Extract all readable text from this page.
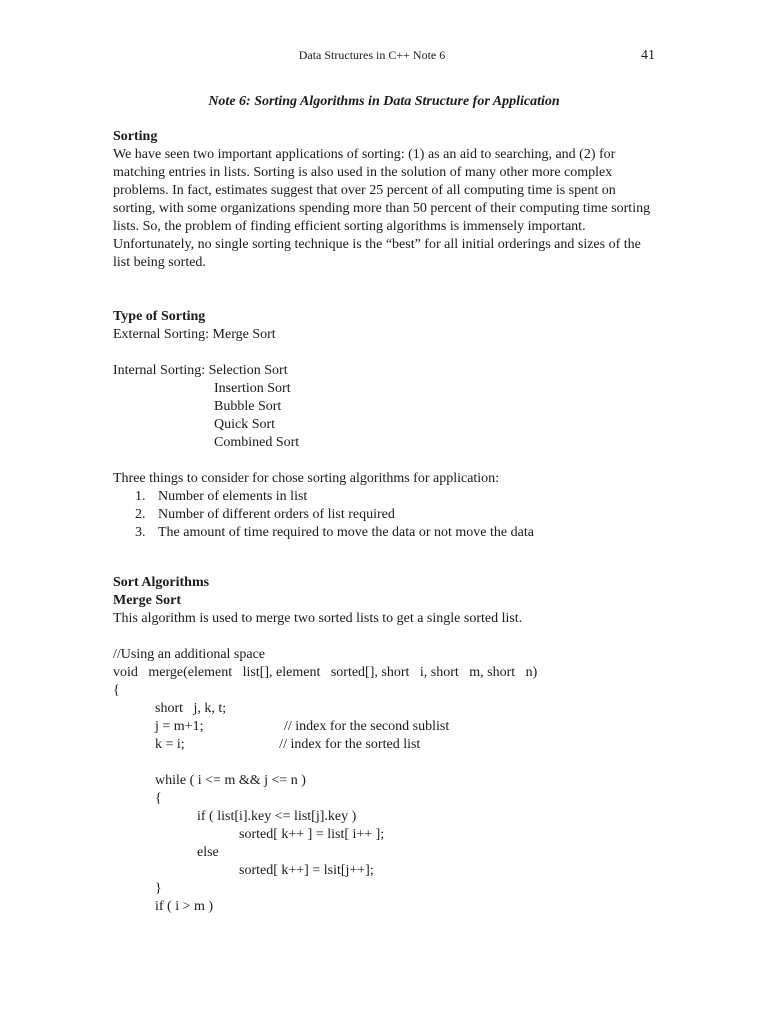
Data Structures in C++ Note 6	41
Note 6: Sorting Algorithms in Data Structure for Application

Sorting

We have seen two important applications of sorting: (1) as an aid to searching, and (2) for matching entries in lists. Sorting is also used in the solution of many other more complex problems. In fact, estimates suggest that over 25 percent of all computing time is spent on sorting, with some organizations spending more than 50 percent of their computing time sorting lists. So, the problem of finding efficient sorting algorithms is immensely important. Unfortunately, no single sorting technique is the “best” for all initial orderings and sizes of the list being sorted.

Type of Sorting

External Sorting: Merge Sort

Internal Sorting: Selection Sort

Insertion Sort

Bubble Sort

Quick Sort

Combined Sort

Three things to consider for chose sorting algorithms for application:

1. Number of elements in list
2. Number of different orders of list required
3. The amount of time required to move the data or not move the data

Sort Algorithms

Merge Sort

This algorithm is used to merge two sorted lists to get a single sorted list.

//Using an additional space

void   merge(element   list[], element   sorted[], short   i, short   m, short   n)

{

short   j, k, t;

j = m+1;                       // index for the second sublist

k = i;                           // index for the sorted list

while ( i <= m && j <= n )

{

if ( list[i].key <= list[j].key )

sorted[ k++ ] = list[ i++ ];

else

sorted[ k++] = lsit[j++];

}

if ( i > m )
